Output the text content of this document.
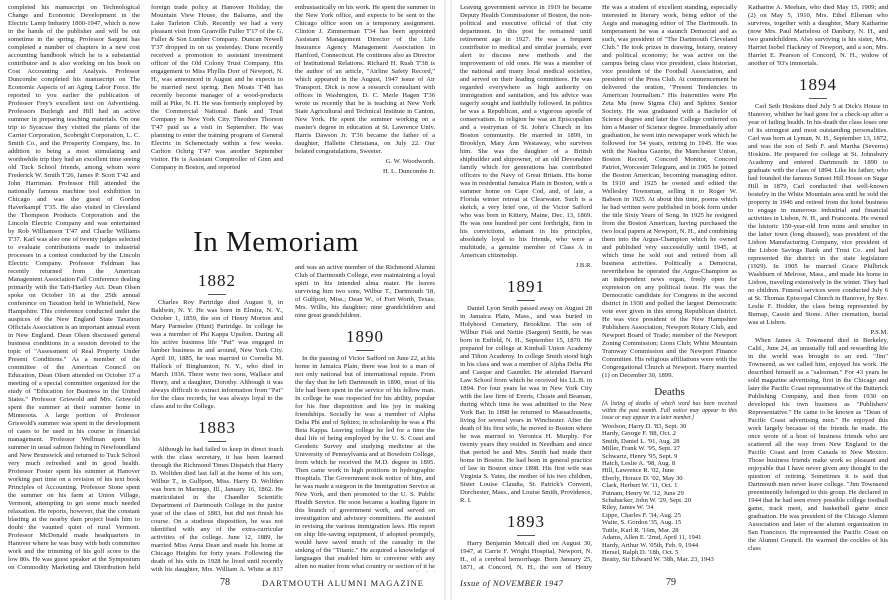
completed his manuscript on Technological Change and Economic Development in the Electric Lamp Industry 1800-1947, which is now in the hands of the publisher and will be out sometime in the spring. Professor Sargent has completed a number of chapters in a new cost accounting handbook which he is a substantial contributor and is also working on his book on Cost Accounting and Analysis. Professor Duncombe completed his manuscript on The Economic Aspects of an Aging Labor Force. He reported to you earlier the publication of Professor Frey's excellent text on Advertising. Professors Burleigh and Hill had an active summer in preparing teaching materials. On one trip to Syracuse they visited the plants of the Carrier Corporation, Scobright Corporation, L. C. Smith Co., and the Prosperity Company, Inc. In addition to being a most stimulating and worthwhile trip they had an excellent time seeing old Tuck School friends, among whom were Frederick W. Smith T'26, James P. Scott T'42 and John Harriman. Professor Hill attended the nationally famous machine tool exhibition in Chicago and was the guest of Gordon Haverkampf T'35. He also visited in Cleveland the Thompson Products Corporation and the Lincoln Electric Company and was entertained by Rob Williamson T'47 and Charlie Williams T'37. Karl was also one of twenty judges selected to evaluate contributions made to industrial processes in a contest conducted by the Lincoln Electric Company. Professor Feldman has recently returned from the American Management Association Fall Conference dealing primarily with the Taft-Hartley Act. Dean Olsen spoke on October 16 at the 25th annual conference on Taxation held in Whitefield, New Hampshire. This conference conducted under the auspices of the New England State Taxation Officials Association is an important annual event in New England. Dean Olsen discussed general business conditions in a session devoted to the topic of "Assessment of Real Property Under Present Conditions." As a member of the committee of the American Council on Education, Dean Olsen attended on October 17 a meeting of a special committee organized for the study of "Education for Business in the United States." Professor Griswold and Mrs. Griswold spent the summer at their summer home in Minnesota. A large portion of Professor Griswold's summer was spent in the development of cases to be used in his course in financial management. Professor Wellman spent his summer in usual salmon fishing in Newfoundland and New Brunswick and returned to Tuck School very much refreshed and in good health. Professor Foster spent his summer at Hanover working part time on a revision of his text book Principles of Accounting. Professor Stone spent the summer on his farm at Union Village, Vermont, attempting to get some much needed relaxation. He reports, however, that the constant blasting at the nearby dam project leads him to doubt the vaunted quiet of rural Vermont. Professor McDonald made headquarters in Hanover where he was busy with both committee work and the trimming of his golf score to the low 80s. He was guest speaker at the Symposium on Commodity Marketing and Distribution held

foreign trade policy at Hanover Holiday, the Mountain View House, the Balsams, and the Lake Tarleton Club. Recently we had a very pleasant visit from Granville Fuller T'17 of the G. Fuller & Son Lumber Company. Duncan Newell T'37 dropped in on us yesterday. Dune recently received a promotion to assistant investment officer of the Old Colony Trust Company. His engagement to Miss Phyllis Dorr of Newport, N. H., was announced in August and he expects to be married next spring. Ben Moats T'48 has recently become manager of a wood-products mill at Pike, N. H. He was formerly employed by the Commercial National Bank and Trust Company in New York City. Theodore Thorson T'47 paid us a visit in September. He was planning to enter the training program of General Electric in Schenectady within a few weeks. Carlton Ochrig T'47 was another September visitor. He is Assistant Comptroller of Ginn and Company in Boston, and reported

enthusiastically on his work. He spent the summer in the New York office, and expects to be sent to the Chicago office soon on a temporary assignment. Clinton J. Zimmerman T'34 has been appointed Assistant Management Director of the Life Insurance Agency Management Association in Hartford, Connecticut. He continues also as Director of Institutional Relations. Richard H. Rush T'38 is the author of an article, "Airline Safety Record," which appeared in the August, 1947 issue of Air Transport. Dick is now a research consultant with offices in Washington, D. C. Merle Hagen T'36 wrote us recently that he is teaching at New York State Agricultural and Technical Institute in Canton, New York. He spent the summer working on a master's degree in education at St. Lawrence Univ. Harris Dawson Jr. T'36 became the father of a daughter, Hallette Christiana, on July 22. Our belated congratulations, Sweeter.

G. W. Woodworth.
H. L. Duncombe Jr.
1882

Charles Roy Partridge died August 9, in Baldwin, N. Y. He was born in Elmira, N. Y., October 1, 1859, the son of Henry Morton and Mary Parmelee (Hunt) Partridge. In college he was a member of Phi Kappa Upsilon. During all his active business life "Pat" was engaged in lumber business in and around, New York City. April 10, 1885, he was married to Cornelia M. Hallock of Binghamton, N. Y., who died in March 1936. There were two sons, Wallace and Henry, and a daughter, Dorothy. Although it was always difficult to extract information from "Pat" for the class records, he was always loyal to the class and to the College.

1883

Although he had failed to keep in direct touch with the class secretary, it has been learned through the Richmond Times Dispatch that Harry D. Wolfden died last fall at the home of his son, Wilbur T., in Gulfport, Miss. Harry D. Wolfden was born in Marengo, Ill., January 16, 1862. He matriculated in the Chandler Scientific Department of Dartmouth College in the junior year of the class of 1883, but did not finish his course. On a studious disposition, he was not identified with any of the extra-curricular activities of the college. June 12, 1889, he married Miss Anna Dean and made his home at Chicago Heights for forty years. Following the death of his wife in 1928 he lived until recently with his daughter, Mrs. William A. White at 817

and was an active member of the Richmond Alumni Club of Dartmouth College, ever maintaining a loyal spirit in his intended alma mater. He leaves surviving him two sons, Wilbur T., Dartmouth '18, of Gulfport, Miss.; Dean W., of Fort Worth, Texas; Mrs. Willis, his daughter; nine grandchildren and nine great grandchildren.

1890

In the passing of Victor Safford on June 22, at his home in Jamaica Plain, there was lost to a man of not only national but of international repute. From the day that he left Dartmouth in 1890, most of his life had been spent in the service of his fellow man. In college he was respected for his ability, popular for his fine disposition and his joy in making friendships. Socially he was a member of Alpha Delta Phi and of Sphinx; in scholarship he was a Phi Beta Kappa. Leaving college he led for a time the dual life of being employed by the U. S. Coast and Geodetic Survey and studying medicine at the University of Pennsylvania and at Bowdoin College, from which he received the M.D. degree in 1895. Then came work in high positions in hydrographic Hospitals. The Government took notice of him, and he was made a surgeon in the Immigration Service at New York, and then promoted to the U. S. Public Health Service. He soon became a leading figure in this branch of government work, and served on investigation and advisory committees. He assisted in revising the various immigration laws. His report on ship life-saving equipment, if adopted promptly, would have saved much of the casualty in the sinking of the "Titanic." He acquired a knowledge of languages that enabled him to converse with any alien no matter from what country or section of it he

78	DARTMOUTH ALUMNI MAGAZINE
In Memoriam

Leaving government service in 1919 he became Deputy Health Commissioner of Boston, the non-political and executive official of that city department. In this post he remained until retirement age in 1927. He was a frequent contributor to medical and similar journals, ever alert to discuss new methods and the improvement of old ones. He was a member of the national and many local medical societies, and served on their leading committees. He was regarded everywhere as high authority on immigration and sanitation, and his advice was eagerly sought and faithfully followed. In politics he was a Republican, and a vigorous apostle of conservatism. In religion he was an Episcopalian and a vestryman of St. John's Church in his Boston community. He married in 1899, in Brooklyn, Mary Ann Westaway, who survives him. She was the daughter of a British shipbuilder and shipowner, of an old Devonshire family which for generations has contributed officers to the Navy of Great Britain. His home was in residential Jamaica Plain in Boston, with a summer home on Cape Cod, and, of late, a Florida winter retreat at Clearwater. Such is a sketch, a very brief one, of the Victor Safford who was born in Kittery, Maine, Dec. 13, 1869. He was one hundred per cent forthright, firm in his convictions, adamant in his principles, absolutely loyal to his friends, who were a multitude, a genuine member of Class A in American citizenship.

J.B.R.
1891

Daniel Lyon Smith passed away on August 28 in Jamaica Plain, Mass., and was buried in Holyhood Cemetery, Brookline. The son of Wilbur Fisk and Nettie (Sargent) Smith, he was born in Enfield, N. H., September 15, 1870. He prepared for college at Kimball Union Academy and Tilton Academy. In college Smith stood high in his class and was a member of Alpha Delta Phi and Casque and Gauntlet. He attended Harvard Law School from which he received his LL.B. in 1894. For four years he was in New York City with the law firm of Everts, Choate and Beaman, during which time he was admitted to the New York Bar. In 1898 he returned to Massachusetts, living for several years in Winchester. After the death of his first wife, he moved to Boston where he was married to Veronica H. Murphy. For twenty years they resided in Needham and since that period he and Mrs. Smith had made their home in Boston. He had been in general practice of law in Boston since 1898. His first wife was Virginia S. Yates, the mother of his two children, Sister Louise Claudia, St. Patrick's Convent, Dorchester, Mass., and Louise Smith, Providence, R. I.

1893

Harry Benjamin Metcalf died on August 30, 1947, at Carrie F. Wright Hospital, Newport, N. H., of a cerebral hemorrhage. Born January 25, 1871, at Concord, N. H., the son of Henry

He was a student of excellent standing, especially interested in literary work, being editor of the Aegis and managing editor of The Dartmouth. In temperament he was a staunch Democrat and as such, was president of "The Dartmouth Cleveland Club." He took prizes in drawing, botany, oratory and political economy; he was active on the campus being class vice president, class historian, vice president of the Football Association, and president of the Press Club. At commencement he delivered the oration, "Present Tendencies in American Journalism." His fraternities were Phi Zeta Mu (now Sigma Chi) and Sphinx Senior Society. He was graduated with a Bachelor of Science degree and later the College conferred on him a Master of Science degree. Immediately after graduation, he went into newspaper work which he followed for 54 years, retiring in 1945. He was with the Nashua Gazette, the Manchester Union, Boston Record, Concord Monitor, Concord Patriot, Worcester Telegram, and in 1905 he joined the Boston American, becoming managing editor. In 1910 and 1925 he owned and edited the Wellesley Townsman, selling it to Roger W. Babson in 1925. At about this time, poems which he had written were published in book form under the title Sixty Years of Song. In 1925 he resigned from the Boston American, having purchased the two local papers at Newport, N. H., and combining them into the Argus-Champion which he owned and published very successfully until 1945, at which time he sold out and retired from all business activities. Politically a Democrat, nevertheless he operated the Argus-Champion as an independent news organ, freely open for expression on any political issue. He was the Democratic candidate for Congress in the second district in 1930 and polled the largest Democratic vote ever given in this strong Republican district. He was vice president of the New Hampshire Publishers Association, Newport Rotary Club, and Newport Board of Trade; member of the Newport Zoning Commission; Lions Club; White Mountain Tramway Commission and the Newport Finance Committee. His religious affiliations were with the Congregational Church at Newport. Harry married (1) on December 30, 1899.

Deaths

[A listing of deaths of which word has been received within the past month. Full notice may appear in this issue or may appear in a later number.]

Woolson, Harry D. '83, Sept. 30
Hardy, George F. '88, Oct. 2
Smith, Daniel L. '91, Aug. 28
Miller, Frank W. '95, Sept. 27
Schwartz, Henry '95, Sept. 9
Hatch, Leslie A. '98, Aug. 8
Hill, Lawrence R. '02, June
Eberly, Horace D. '02, May 30
Clark, Herbert W. '11, Oct. 1
Putnam, Henry W. '12, June 29
Schabacker, John W. '29, Sept. 20
Riley, James W. '34
Lippe, Charles F. '34, Aug. 25
Waite, S. Gordon '35, Aug. 15
Tuttle, Karl R. '16m, Mar. 28
Adams, Allen E. '2md, April 11, 1941
Hardy, Arthur W. '05th, Feb. 9, 1944
Hersel, Ralph D. '18h, Oct. 5
Beatty, Sir Edward W. '38h, Mar. 23, 1943

Katharine A. Meehan, who died May 15, 1909; and (2) on May 5, 1910, Mrs. Ethel Ellsman who survives, together with a daughter, Mary Katharine (now Mrs. Paul Marielesu of Danbury, N. H., and two grandchildren. Also surviving is his sister, Mrs. Harriet Isobel Hackney of Newport, and a son, Mrs. Harriet E. Pearson of Concord, N. H., widow of another of '93's immortals.

1894

Carl Seth Hoskins died July 5 at Dick's House in Hanover, whither he had gone for a check-up after a year of failing health. In his death the class loses one of its strongest and most outstanding personalities. Carl was born at Lyman, N. H., September 13, 1872, and was the son of Seth F. and Martha (Severns) Hoskins. He prepared for college at St. Johnsbury Academy and entered Dartmouth in 1890 to graduate with the class of 1894. Like his father, who had founded the famous Sunset Hill House on Sugar Hill in 1879, Carl conducted that well-known hostelry in the White Mountain area until he sold the property in 1946 and retired from the hotel business to engage in numerous industrial and financial activities in Lisbon, N. H., and Franconia. He owned the historic 150-year-old Iron mine and smelter in the latter town (long disused), was president of the Lisbon Manufacturing Company, vice president of the Lisbon Savings Bank and Trust Co. and had represented the district in the state legislature (1929). In 1905 he married Grace Philbrick Washburn of Melrose, Mass., and made his home in Lisbon, traveling extensively in the winter. They had no children. Funeral services were conducted July 6 at St. Thomas Episcopal Church in Hanover, by Rev. Leslie F. Hodder, the class being represented by Burnap, Cassin and Stone. After cremation, burial was at Lisbon.

P.S.M.

When James A. Townsend died in Berkeley, Calif., June 24, an unusually full and rewarding life in the world was brought to an end. "Jim" Townsend, as we called him, enjoyed his work. He described himself as a "salesman." For 43 years he sold magazine advertising, first in the Chicago and later the Pacific Coast representative of the Butterick Publishing Company, and then from 1930 on developed his own business as "Publishers' Representative." He came to be known as "Dean of Pacific Coast advertising men." He enjoyed this work largely because of the friends he made. He once wrote of a host of business friends who are scattered all the way from New England to the Pacific Coast and from Canada to New Mexico. Those business friends make work so pleasant and enjoyable that I have never given any thought to the question of retiring. Sometimes it is said that Dartmouth men never leave college. "Jim Townsend preeminently belonged to this group. He declared in 1944 that he had seen every possible college football game, track meet, and basketball game since graduation. He was president of the Chicago Alumni Association and later of the alumni organization in San Francisco. He represented the Pacific Coast on the Alumni Council. He warmed the cockles of his class

Issue of NOVEMBER 1947	79
